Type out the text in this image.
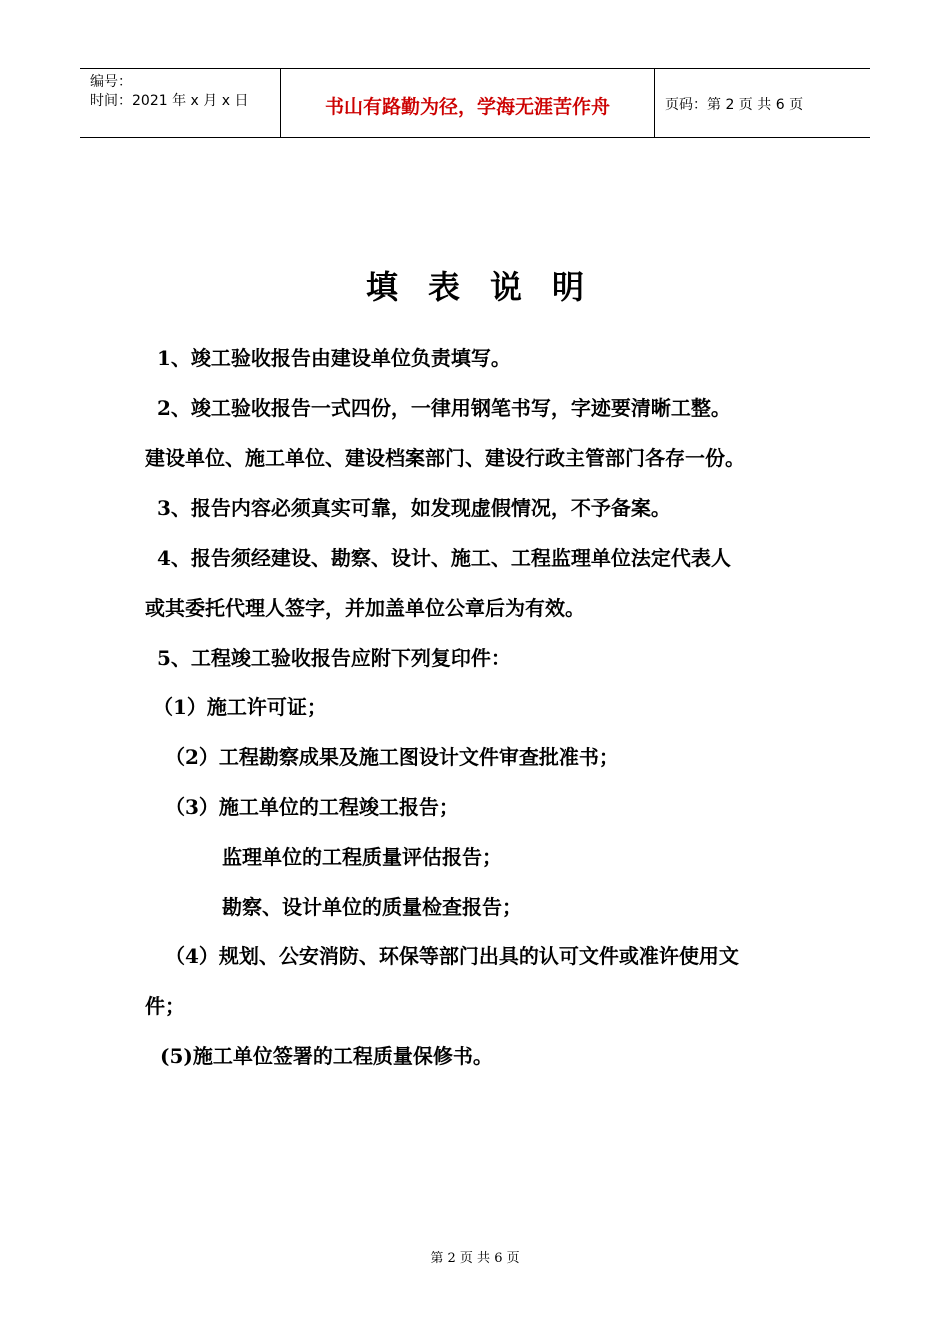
编号：
时间：2021 年 x 月 x 日	书山有路勤为径，学海无涯苦作舟	页码：第 2 页 共 6 页
填表说明
1、竣工验收报告由建设单位负责填写。
2、竣工验收报告一式四份，一律用钢笔书写，字迹要清晰工整。
建设单位、施工单位、建设档案部门、建设行政主管部门各存一份。
3、报告内容必须真实可靠，如发现虚假情况，不予备案。
4、报告须经建设、勘察、设计、施工、工程监理单位法定代表人
或其委托代理人签字，并加盖单位公章后为有效。
5、工程竣工验收报告应附下列复印件：
（1）施工许可证；
（2）工程勘察成果及施工图设计文件审查批准书；
（3）施工单位的工程竣工报告；
监理单位的工程质量评估报告；
勘察、设计单位的质量检查报告；
（4）规划、公安消防、环保等部门出具的认可文件或准许使用文
件；
(5)施工单位签署的工程质量保修书。
第 2 页 共 6 页
